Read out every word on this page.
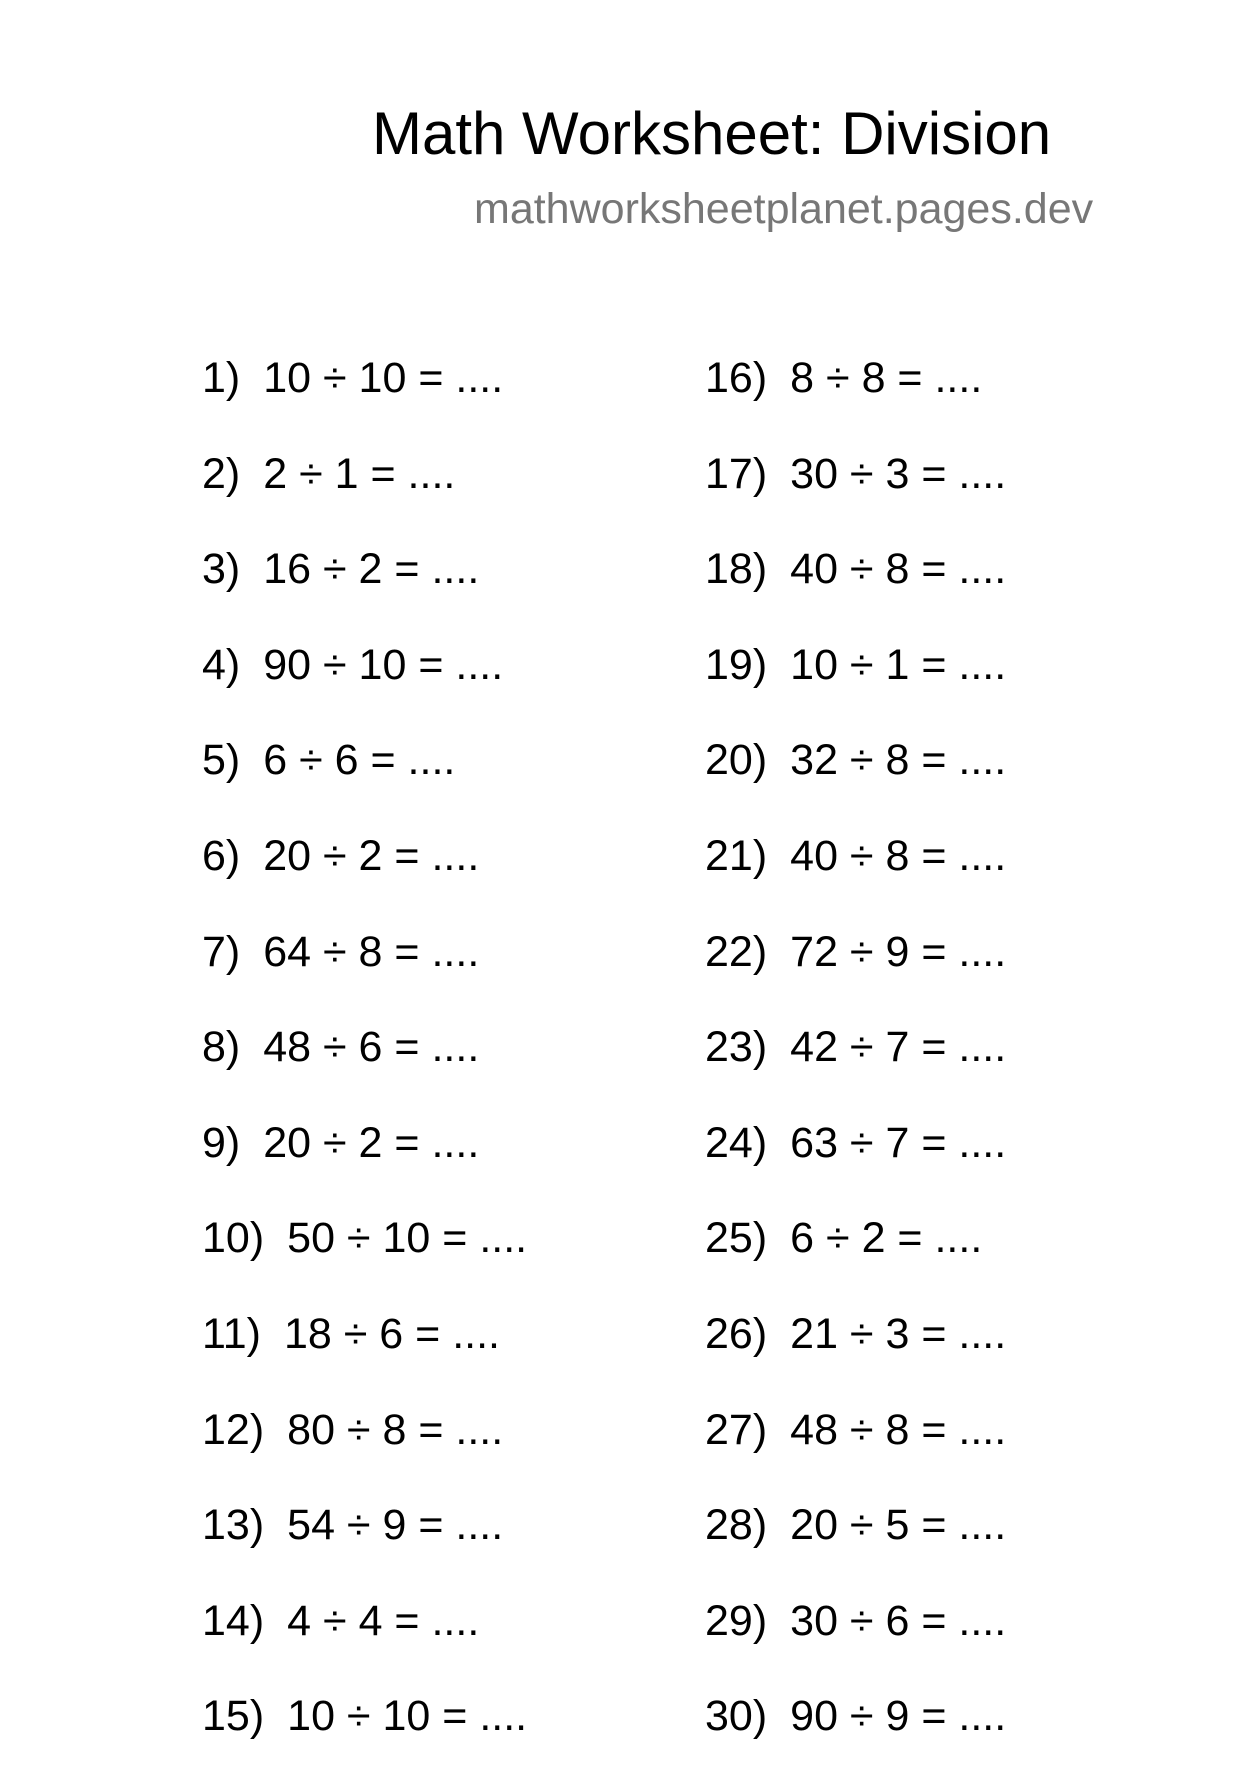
Math Worksheet: Division
mathworksheetplanet.pages.dev
1) 10 ÷ 10 = ....
2) 2 ÷ 1 = ....
3) 16 ÷ 2 = ....
4) 90 ÷ 10 = ....
5) 6 ÷ 6 = ....
6) 20 ÷ 2 = ....
7) 64 ÷ 8 = ....
8) 48 ÷ 6 = ....
9) 20 ÷ 2 = ....
10) 50 ÷ 10 = ....
11) 18 ÷ 6 = ....
12) 80 ÷ 8 = ....
13) 54 ÷ 9 = ....
14) 4 ÷ 4 = ....
15) 10 ÷ 10 = ....
16) 8 ÷ 8 = ....
17) 30 ÷ 3 = ....
18) 40 ÷ 8 = ....
19) 10 ÷ 1 = ....
20) 32 ÷ 8 = ....
21) 40 ÷ 8 = ....
22) 72 ÷ 9 = ....
23) 42 ÷ 7 = ....
24) 63 ÷ 7 = ....
25) 6 ÷ 2 = ....
26) 21 ÷ 3 = ....
27) 48 ÷ 8 = ....
28) 20 ÷ 5 = ....
29) 30 ÷ 6 = ....
30) 90 ÷ 9 = ....
